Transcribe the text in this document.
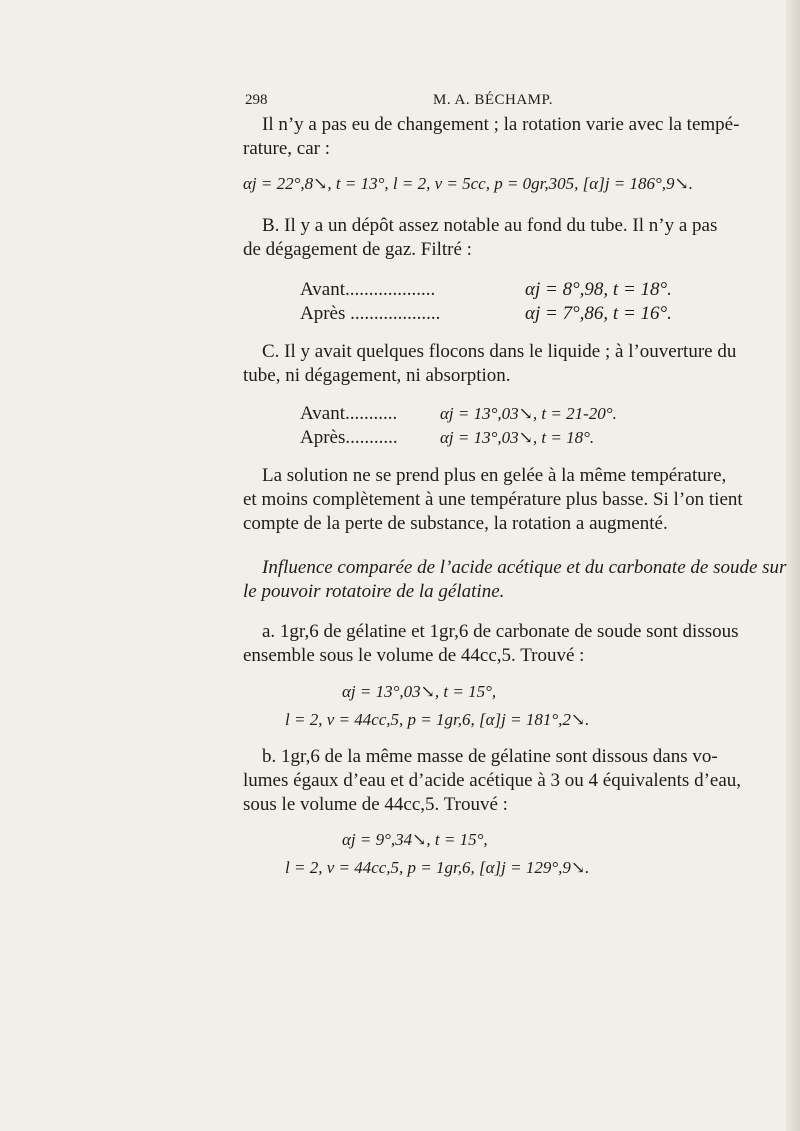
298	M. A. BÉCHAMP.
Il n’y a pas eu de changement ; la rotation varie avec la tempé-
rature, car :
αj = 22°,8↘, t = 13°, l = 2, v = 5cc, p = 0gr,305, [α]j = 186°,9↘.
B. Il y a un dépôt assez notable au fond du tube. Il n’y a pas
de dégagement de gaz. Filtré :
Avant...................	αj = 8°,98, t = 18°.
Après ...................	αj = 7°,86, t = 16°.
C. Il y avait quelques flocons dans le liquide ; à l’ouverture du
tube, ni dégagement, ni absorption.
Avant...........	αj = 13°,03↘, t = 21-20°.
Après........... αj = 13°,03↘, t = 18°.
La solution ne se prend plus en gelée à la même température,
et moins complètement à une température plus basse. Si l’on tient
compte de la perte de substance, la rotation a augmenté.
Influence comparée de l’acide acétique et du carbonate de soude sur
le pouvoir rotatoire de la gélatine.
a. 1gr,6 de gélatine et 1gr,6 de carbonate de soude sont dissous
ensemble sous le volume de 44cc,5. Trouvé :
αj = 13°,03↘, t = 15°,
l = 2, v = 44cc,5, p = 1gr,6, [α]j = 181°,2↘.
b. 1gr,6 de la même masse de gélatine sont dissous dans vo-
lumes égaux d’eau et d’acide acétique à 3 ou 4 équivalents d’eau,
sous le volume de 44cc,5. Trouvé :
αj = 9°,34↘, t = 15°,
l = 2, v = 44cc,5, p = 1gr,6, [α]j = 129°,9↘.
